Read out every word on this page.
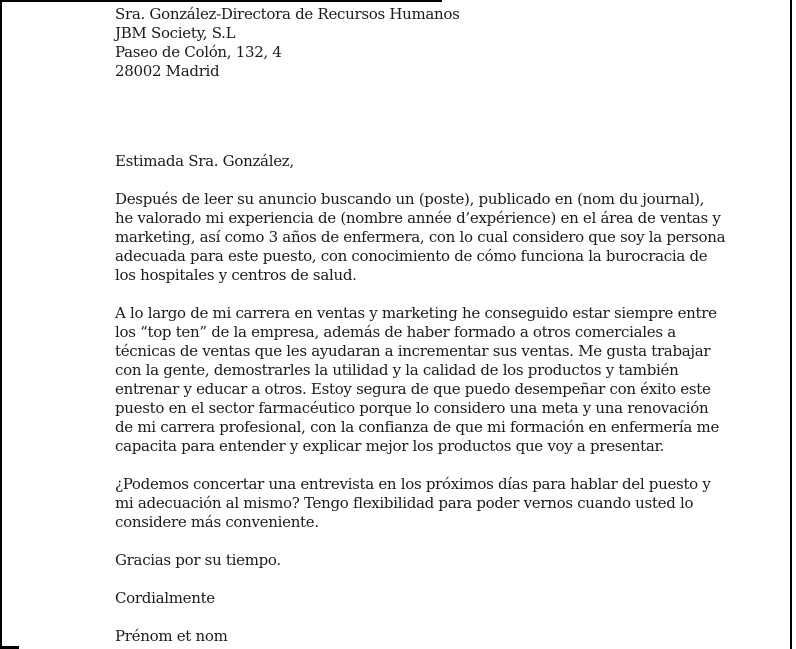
Sra. González-Directora de Recursos Humanos
JBM Society, S.L
Paseo de Colón, 132, 4
28002 Madrid
Estimada Sra. González,
Después de leer su anuncio buscando un (poste), publicado en (nom du journal),
he valorado mi experiencia de (nombre année d’expérience) en el área de ventas y
marketing, así como 3 años de enfermera, con lo cual considero que soy la persona
adecuada para este puesto, con conocimiento de cómo funciona la burocracia de
los hospitales y centros de salud.
A lo largo de mi carrera en ventas y marketing he conseguido estar siempre entre
los “top ten” de la empresa, además de haber formado a otros comerciales a
técnicas de ventas que les ayudaran a incrementar sus ventas. Me gusta trabajar
con la gente, demostrarles la utilidad y la calidad de los productos y también
entrenar y educar a otros. Estoy segura de que puedo desempeñar con éxito este
puesto en el sector farmacéutico porque lo considero una meta y una renovación
de mi carrera profesional, con la confianza de que mi formación en enfermería me
capacita para entender y explicar mejor los productos que voy a presentar.
¿Podemos concertar una entrevista en los próximos días para hablar del puesto y
mi adecuación al mismo? Tengo flexibilidad para poder vernos cuando usted lo
considere más conveniente.
Gracias por su tiempo.
Cordialmente
Prénom et nom
